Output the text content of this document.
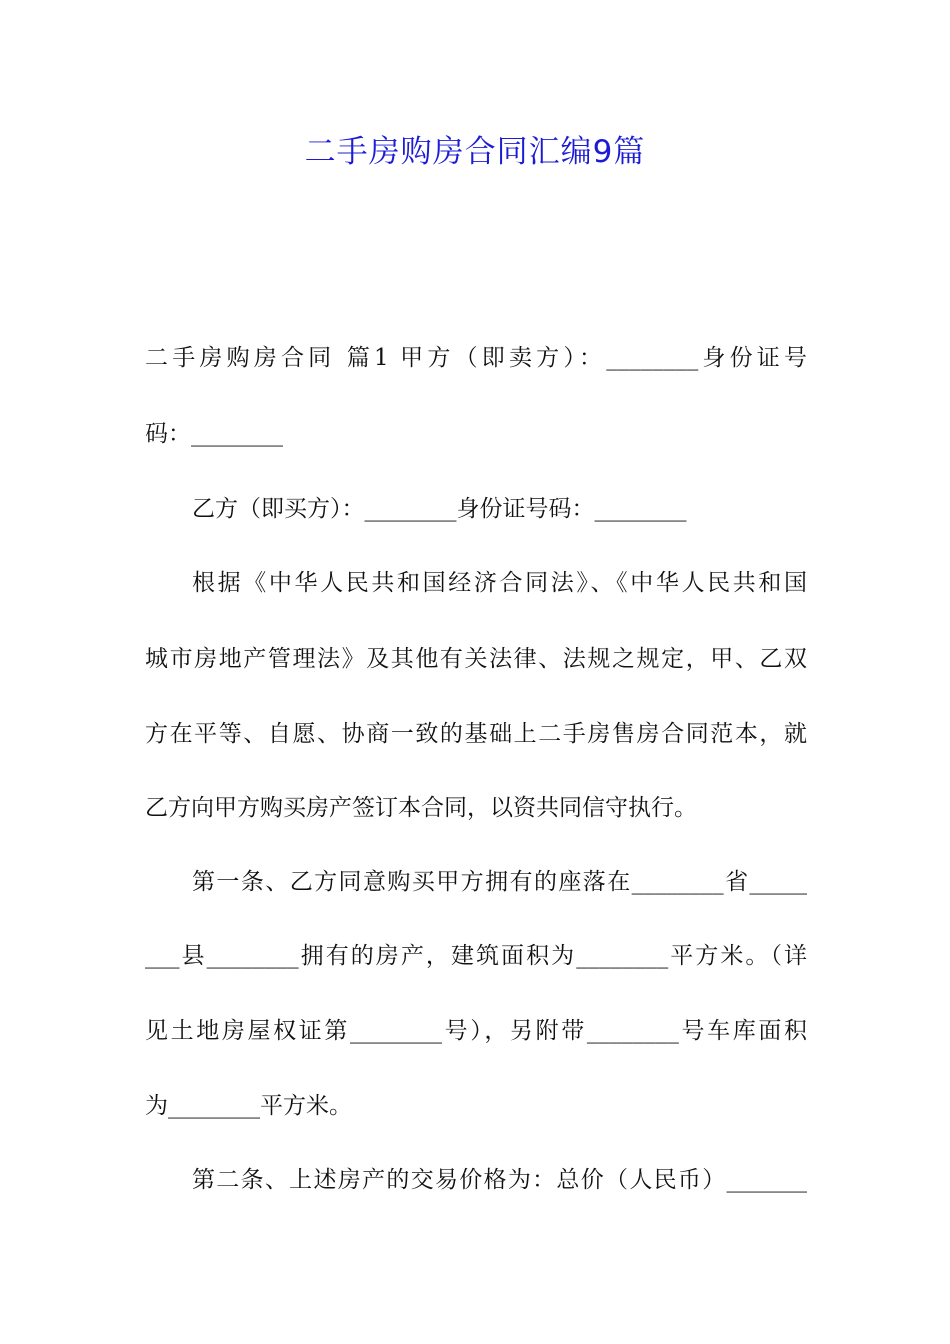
二手房购房合同汇编9篇
二手房购房合同 篇1 甲方（即卖方）：________身份证号
码：________
乙方（即买方）：________身份证号码：________
根据《中华人民共和国经济合同法》、《中华人民共和国
城市房地产管理法》及其他有关法律、法规之规定，甲、乙双
方在平等、自愿、协商一致的基础上二手房售房合同范本，就
乙方向甲方购买房产签订本合同，以资共同信守执行。
第一条、乙方同意购买甲方拥有的座落在________省_____
___县________拥有的房产，建筑面积为________平方米。（详
见土地房屋权证第________号），另附带________号车库面积
为________平方米。
第二条、上述房产的交易价格为：总价（人民币）_______
